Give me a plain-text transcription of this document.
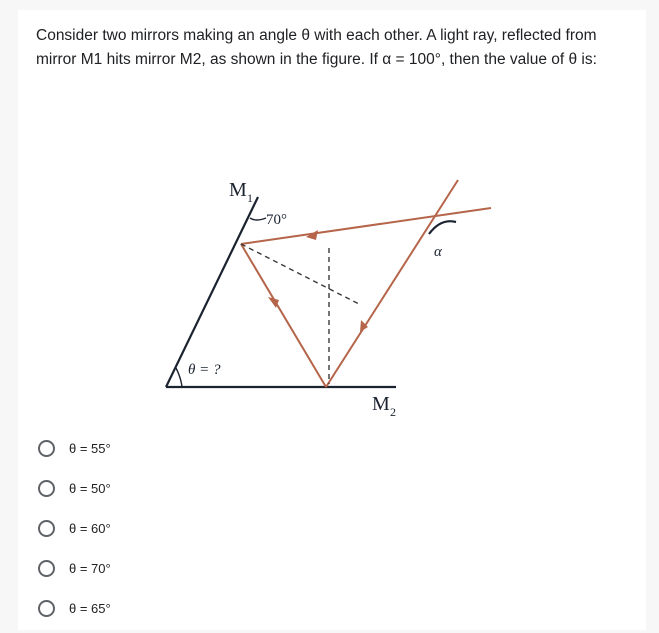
Consider two mirrors making an angle θ with each other. A light ray, reflected from mirror M1 hits mirror M2, as shown in the figure. If α = 100°, then the value of θ is:
M 1
70°
α
θ = ?
M 2
θ = 55°
θ = 50°
θ = 60°
θ = 70°
θ = 65°
